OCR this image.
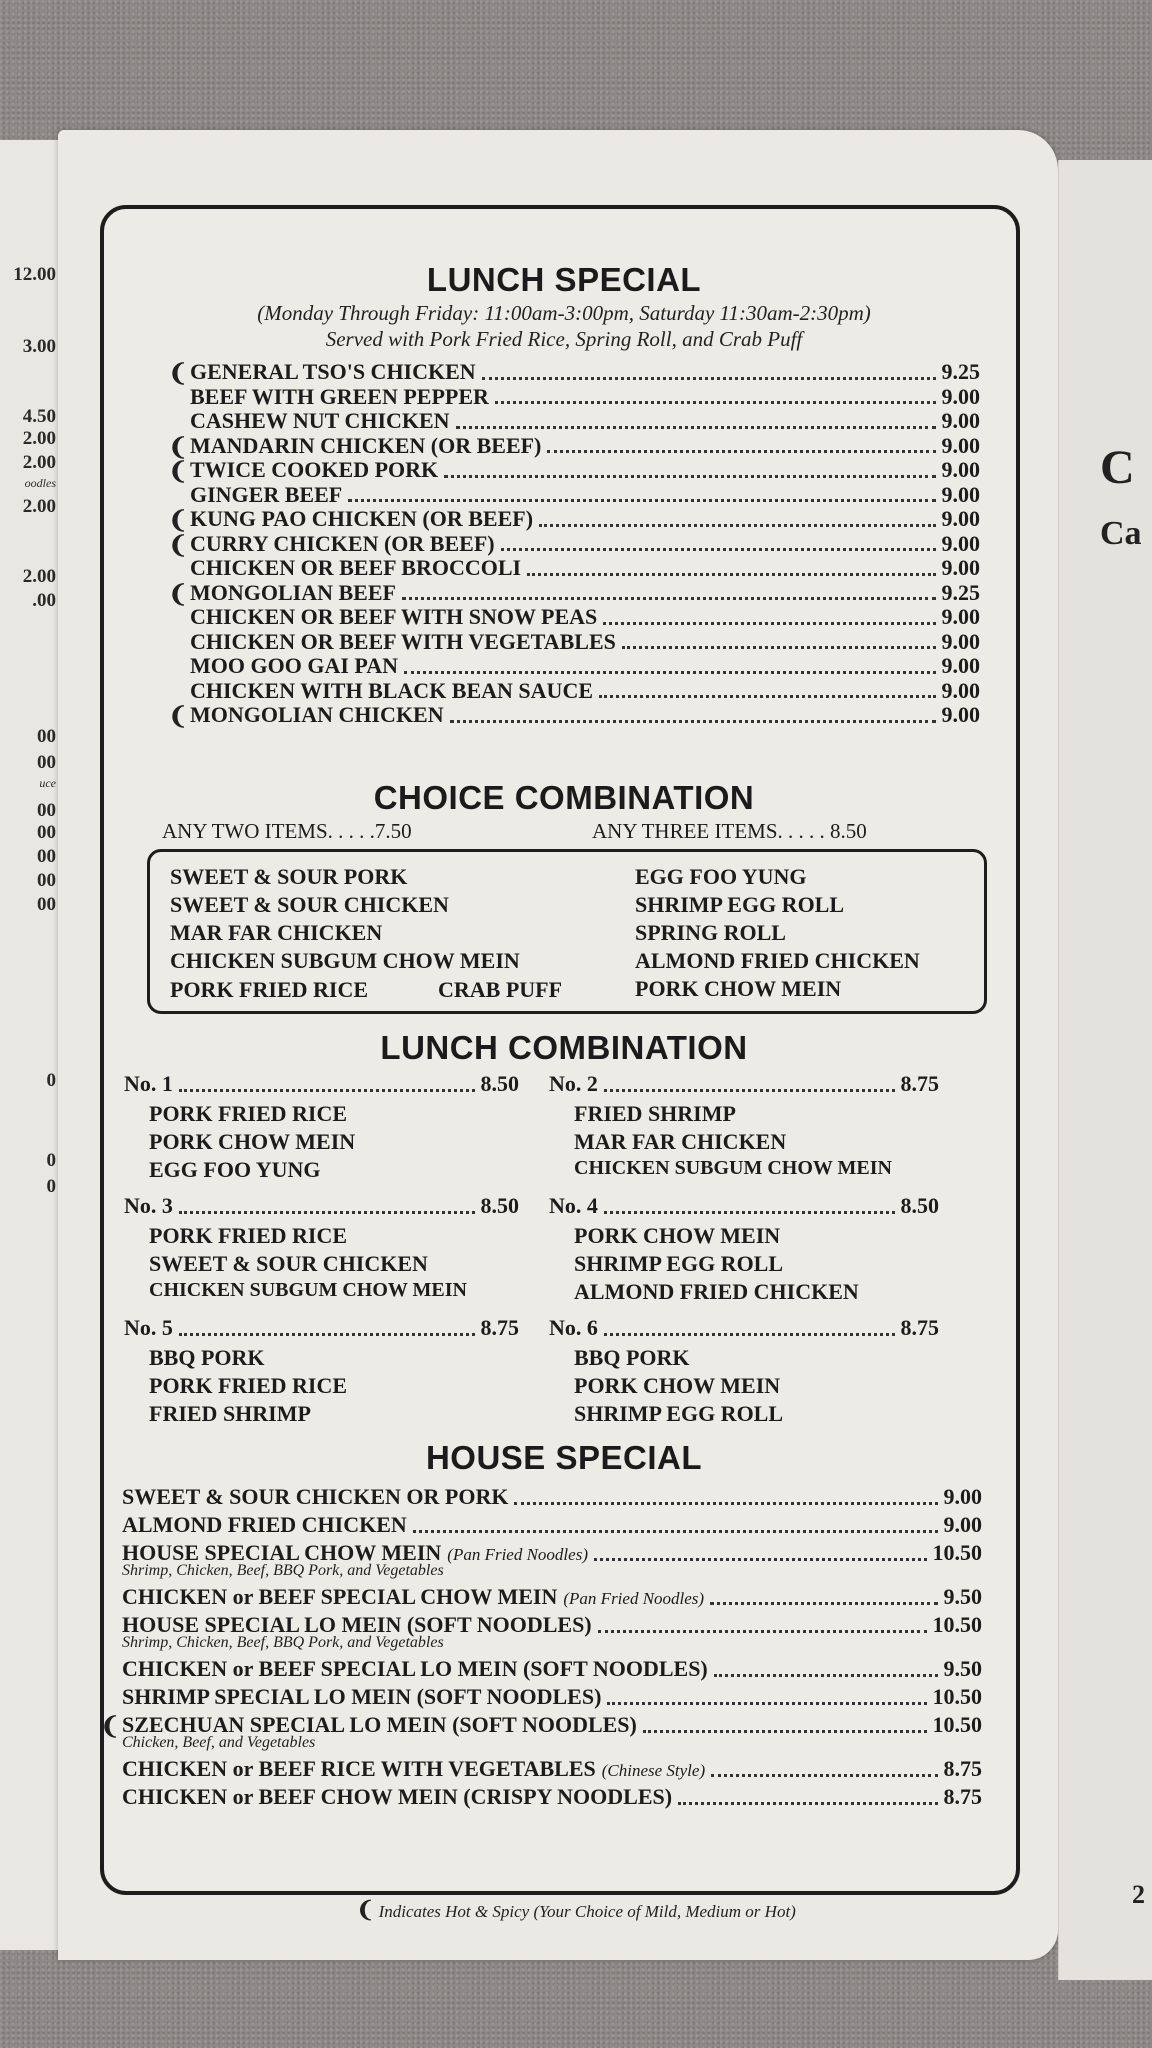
12.00
3.00
4.50
2.00
2.00
oodles
2.00
2.00
.00
00
00
uce
00
00
00
00
00
0
0
0
C
Ca
2
LUNCH SPECIAL
(Monday Through Friday: 11:00am-3:00pm, Saturday 11:30am-2:30pm)
Served with Pork Fried Rice, Spring Roll, and Crab Puff
❨ GENERAL TSO'S CHICKEN	9.25
BEEF WITH GREEN PEPPER	9.00
CASHEW NUT CHICKEN	9.00
❨ MANDARIN CHICKEN (OR BEEF)	9.00
❨ TWICE COOKED PORK	9.00
GINGER BEEF	9.00
❨ KUNG PAO CHICKEN (OR BEEF)	9.00
❨ CURRY CHICKEN (OR BEEF)	9.00
CHICKEN OR BEEF BROCCOLI	9.00
❨ MONGOLIAN BEEF	9.25
CHICKEN OR BEEF WITH SNOW PEAS	9.00
CHICKEN OR BEEF WITH VEGETABLES	9.00
MOO GOO GAI PAN	9.00
CHICKEN WITH BLACK BEAN SAUCE	9.00
❨ MONGOLIAN CHICKEN	9.00
CHOICE COMBINATION
ANY TWO ITEMS. . . . .7.50	ANY THREE ITEMS. . . . . 8.50
SWEET & SOUR PORK
SWEET & SOUR CHICKEN
MAR FAR CHICKEN
CHICKEN SUBGUM CHOW MEIN
PORK FRIED RICE	CRAB PUFF
EGG FOO YUNG
SHRIMP EGG ROLL
SPRING ROLL
ALMOND FRIED CHICKEN
PORK CHOW MEIN
LUNCH COMBINATION
No. 1	8.50
PORK FRIED RICE
PORK CHOW MEIN
EGG FOO YUNG
No. 2	8.75
FRIED SHRIMP
MAR FAR CHICKEN
CHICKEN SUBGUM CHOW MEIN
No. 3	8.50
PORK FRIED RICE
SWEET & SOUR CHICKEN
CHICKEN SUBGUM CHOW MEIN
No. 4	8.50
PORK CHOW MEIN
SHRIMP EGG ROLL
ALMOND FRIED CHICKEN
No. 5	8.75
BBQ PORK
PORK FRIED RICE
FRIED SHRIMP
No. 6	8.75
BBQ PORK
PORK CHOW MEIN
SHRIMP EGG ROLL
HOUSE SPECIAL
SWEET & SOUR CHICKEN OR PORK	9.00
ALMOND FRIED CHICKEN	9.00
HOUSE SPECIAL CHOW MEIN (Pan Fried Noodles)	10.50
Shrimp, Chicken, Beef, BBQ Pork, and Vegetables
CHICKEN or BEEF SPECIAL CHOW MEIN (Pan Fried Noodles)	9.50
HOUSE SPECIAL LO MEIN (SOFT NOODLES)	10.50
Shrimp, Chicken, Beef, BBQ Pork, and Vegetables
CHICKEN or BEEF SPECIAL LO MEIN (SOFT NOODLES)	9.50
SHRIMP SPECIAL LO MEIN (SOFT NOODLES)	10.50
❨ SZECHUAN SPECIAL LO MEIN (SOFT NOODLES)	10.50
Chicken, Beef, and Vegetables
CHICKEN or BEEF RICE WITH VEGETABLES (Chinese Style)	8.75
CHICKEN or BEEF CHOW MEIN (CRISPY NOODLES)	8.75
❨ Indicates Hot & Spicy (Your Choice of Mild, Medium or Hot)
